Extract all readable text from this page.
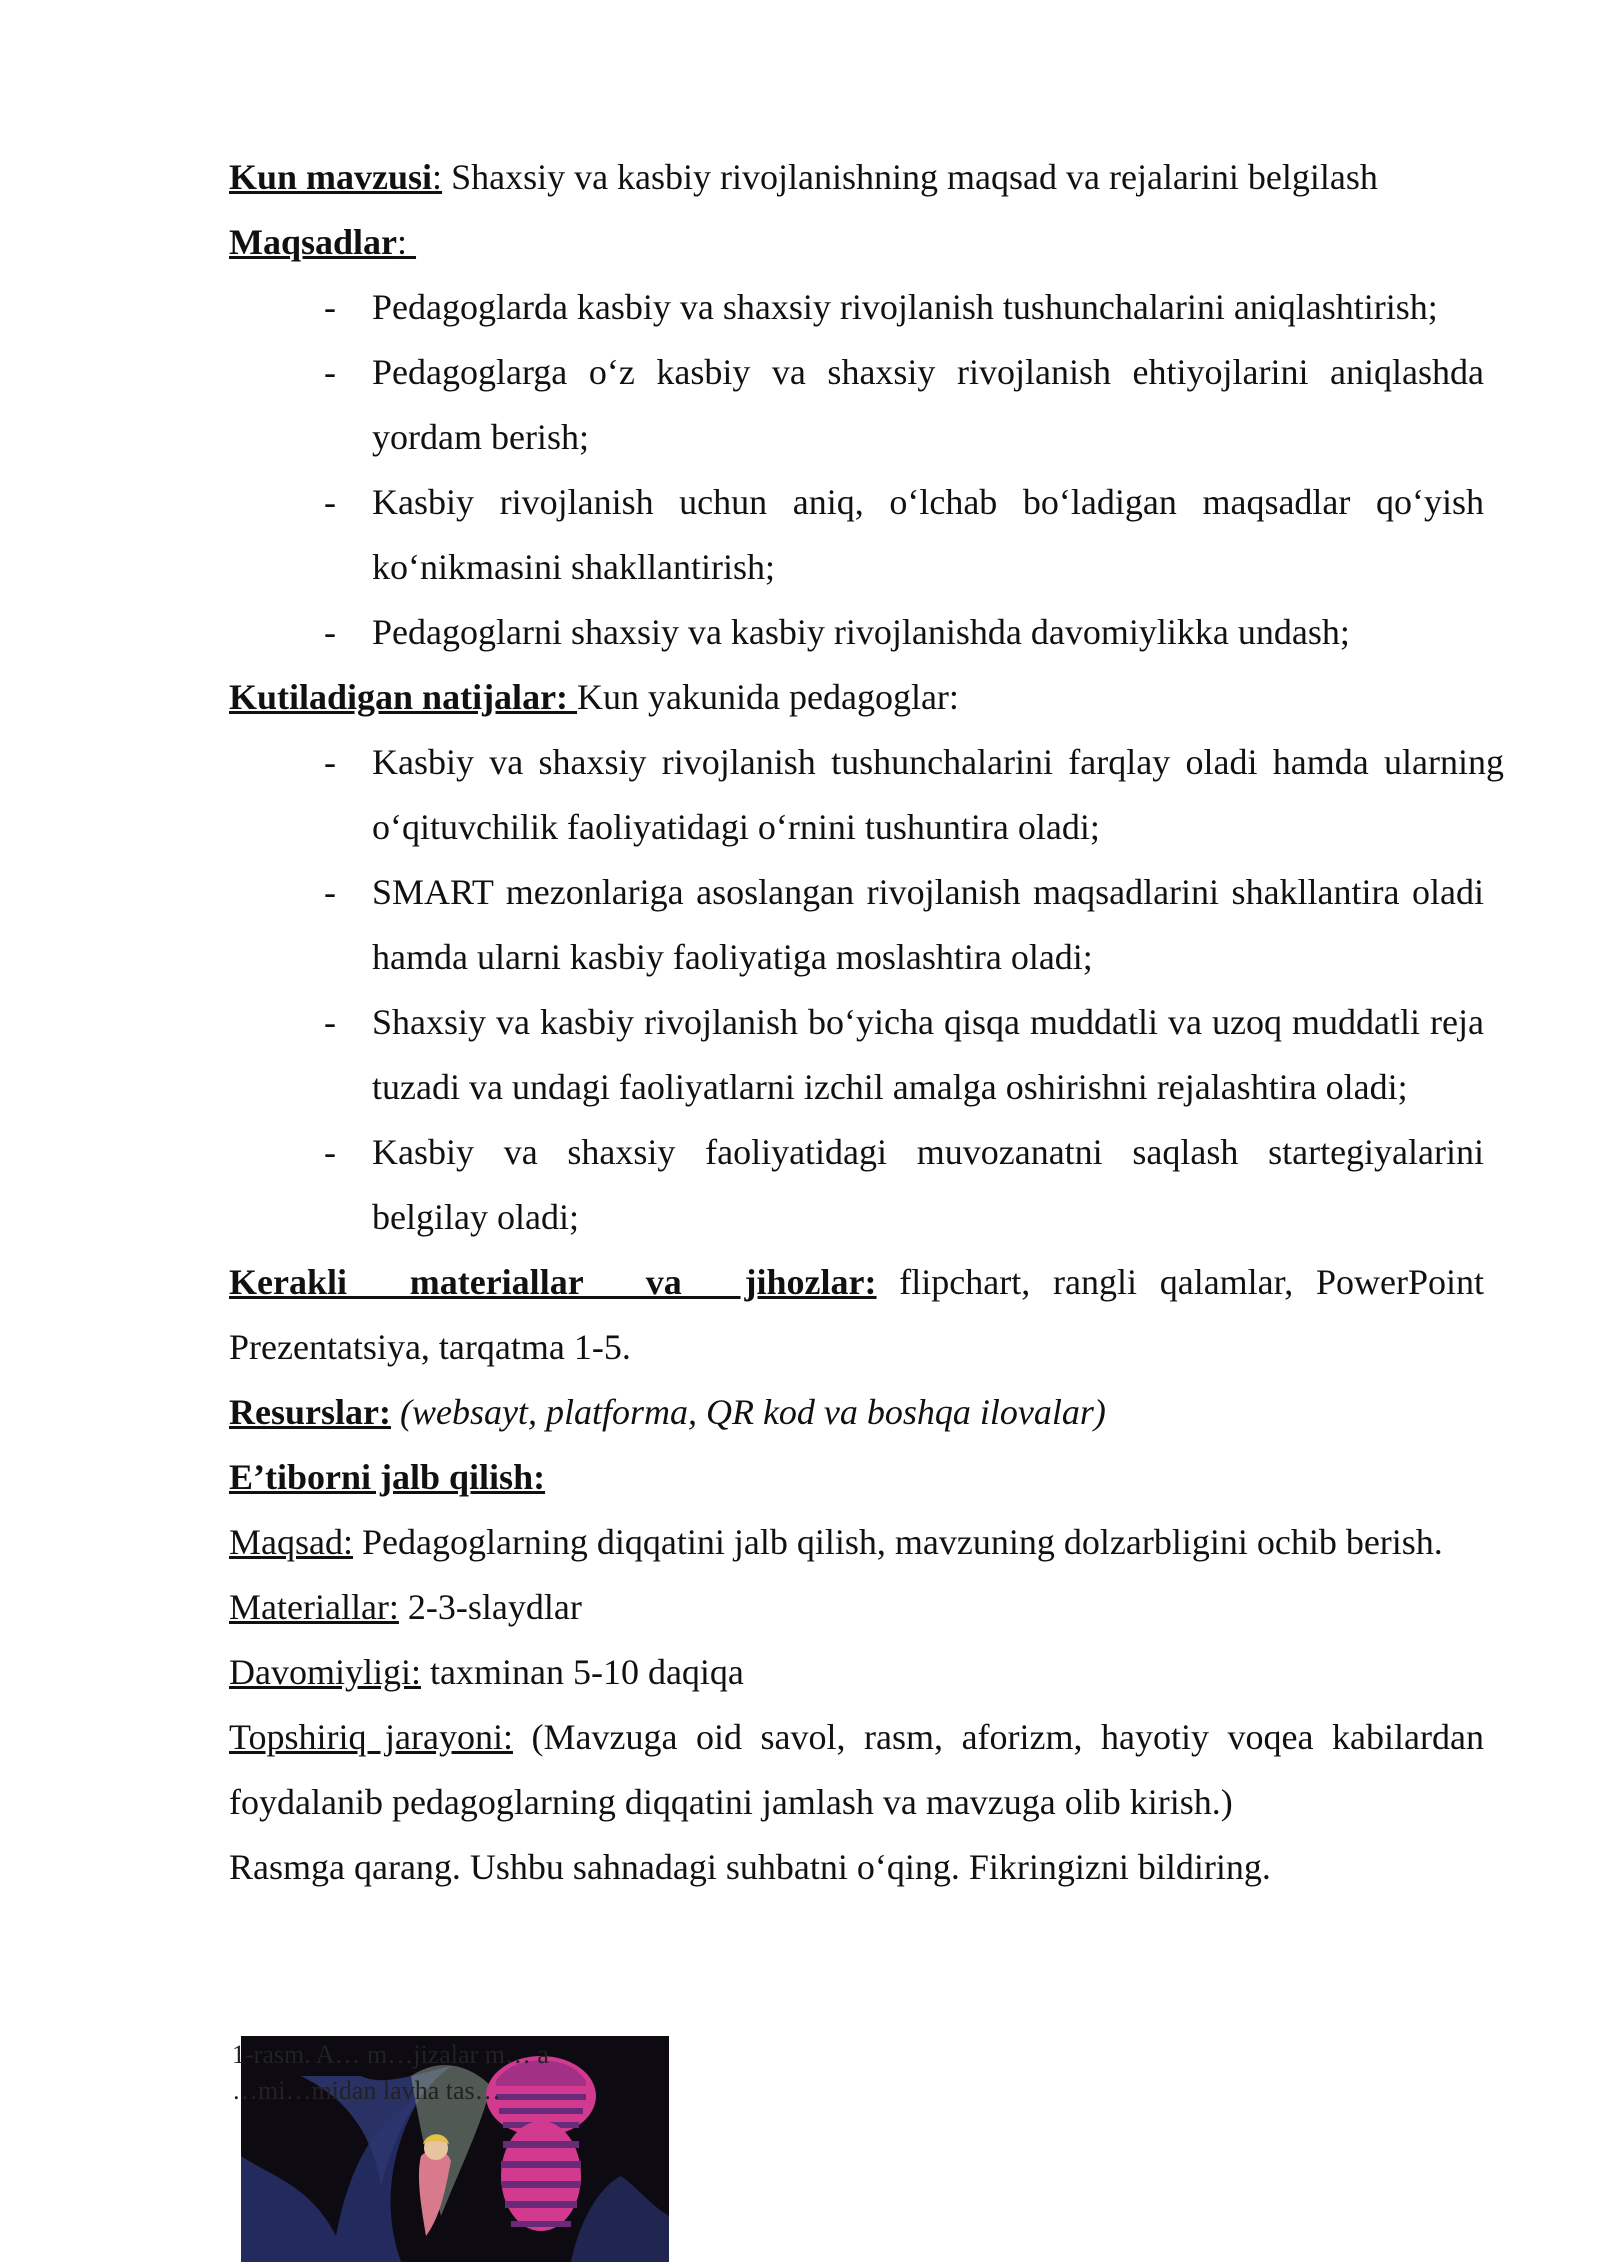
Kun mavzusi: Shaxsiy va kasbiy rivojlanishning maqsad va rejalarini belgilash

Maqsadlar:

- Pedagoglarda kasbiy va shaxsiy rivojlanish tushunchalarini aniqlashtirish;
- Pedagoglarga o‘z kasbiy va shaxsiy rivojlanish ehtiyojlarini aniqlashda yordam berish;
- Kasbiy rivojlanish uchun aniq, o‘lchab bo‘ladigan maqsadlar qo‘yish ko‘nikmasini shakllantirish;
- Pedagoglarni shaxsiy va kasbiy rivojlanishda davomiylikka undash;

Kutiladigan natijalar: Kun yakunida pedagoglar:

- Kasbiy va shaxsiy rivojlanish tushunchalarini farqlay oladi hamda ularning o‘qituvchilik faoliyatidagi o‘rnini tushuntira oladi;
- SMART mezonlariga asoslangan rivojlanish maqsadlarini shakllantira oladi hamda ularni kasbiy faoliyatiga moslashtira oladi;
- Shaxsiy va kasbiy rivojlanish bo‘yicha qisqa muddatli va uzoq muddatli reja tuzadi va undagi faoliyatlarni izchil amalga oshirishni rejalashtira oladi;
- Kasbiy va shaxsiy faoliyatidagi muvozanatni saqlash startegiyalarini belgilay oladi;

Kerakli materiallar va jihozlar: flipchart, rangli qalamlar, PowerPoint Prezentatsiya, tarqatma 1-5.

Resurslar: (websayt, platforma, QR kod va boshqa ilovalar)

E’tiborni jalb qilish:

Maqsad: Pedagoglarning diqqatini jalb qilish, mavzuning dolzarbligini ochib berish.

Materiallar: 2-3-slaydlar

Davomiyligi: taxminan 5-10 daqiqa

Topshiriq jarayoni: (Mavzuga oid savol, rasm, aforizm, hayotiy voqea kabilardan foydalanib pedagoglarning diqqatini jamlash va mavzuga olib kirish.)

Rasmga qarang. Ushbu sahnadagi suhbatni o‘qing. Fikringizni bildiring.

1-rasm. A… m…jizalar m… a
…mi…midan lavha tas…
